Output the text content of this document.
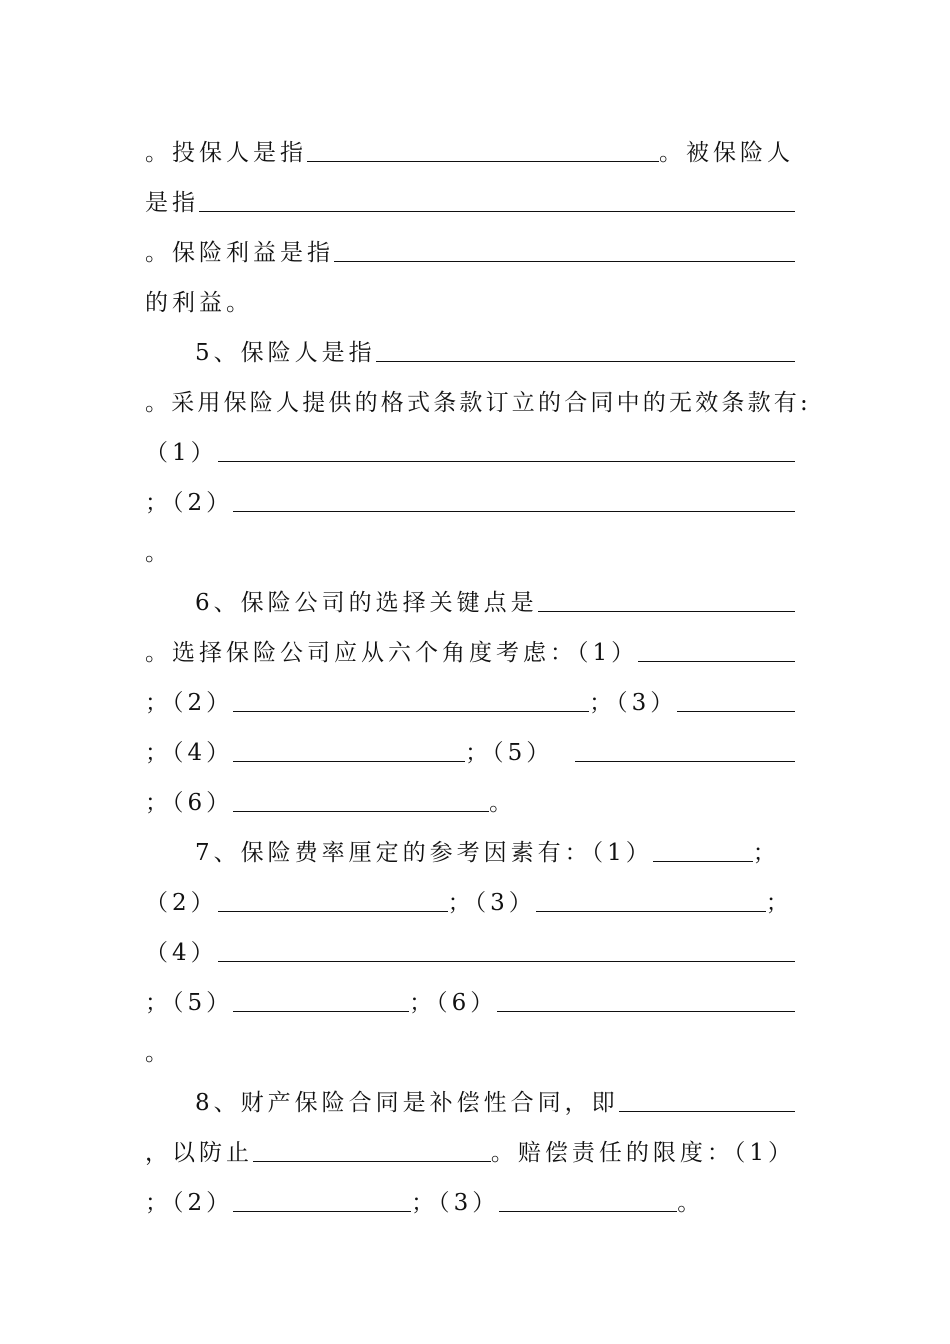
。投保人是指	。被保险人
是指
。保险利益是指
的利益。
5、保险人是指
。采用保险人提供的格式条款订立的合同中的无效条款有:
（1）
；（2）
。
6、保险公司的选择关键点是
。选择保险公司应从六个角度考虑：（1）
；（2）	；（3）
；（4）	；（5）
；（6）	。
7、保险费率厘定的参考因素有：（1）	；
（2）	；（3）	；
（4）
；（5）	；（6）
。
8、财产保险合同是补偿性合同，即
，以防止	。赔偿责任的限度：（1）
；（2）	；（3）	。
